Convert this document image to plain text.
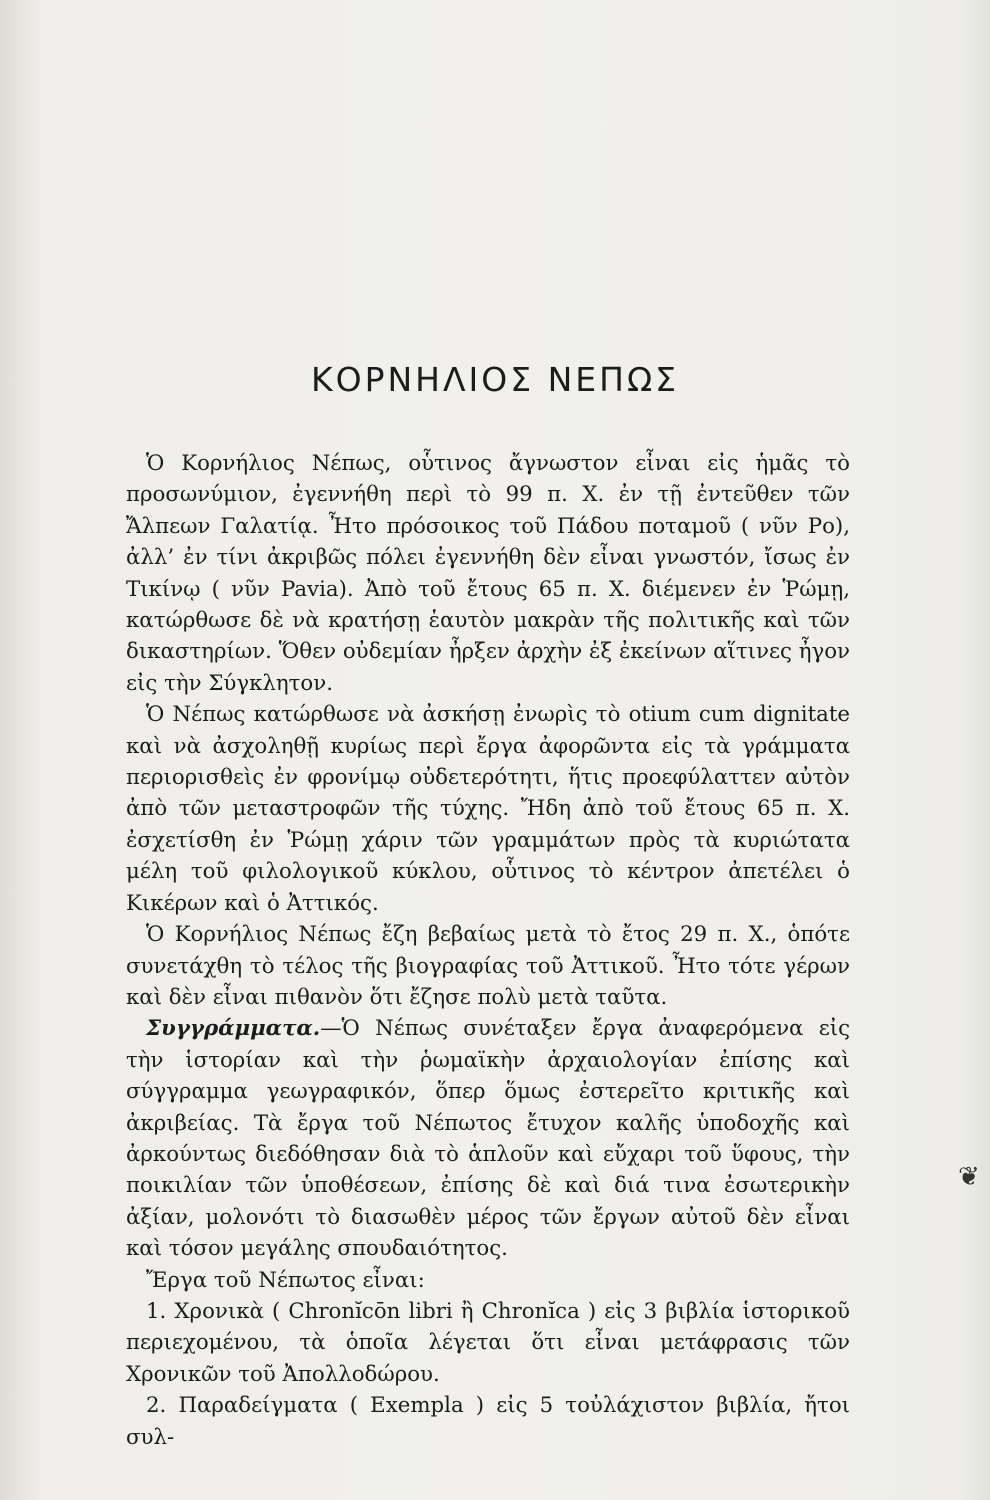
ΚΟΡΝΗΛΙΟΣ ΝΕΠΩΣ

Ὁ Κορνήλιος Νέπως, οὗτινος ἄγνωστον εἶναι εἰς ἡμᾶς τὸ προσωνύμιον, ἐγεννήθη περὶ τὸ 99 π. Χ. ἐν τῇ ἐντεῦθεν τῶν Ἄλπεων Γαλατίᾳ. Ἦτο πρόσοικος τοῦ Πάδου ποταμοῦ ( νῦν Ρο), ἀλλ’ ἐν τίνι ἀκριβῶς πόλει ἐγεννήθη δὲν εἶναι γνωστόν, ἴσως ἐν Τικίνῳ ( νῦν Pavia). Ἀπὸ τοῦ ἔτους 65 π. Χ. διέμενεν ἐν Ῥώμῃ, κατώρθωσε δὲ νὰ κρατήσῃ ἑαυτὸν μακρὰν τῆς πολιτικῆς καὶ τῶν δικαστηρίων. Ὅθεν οὐδεμίαν ἦρξεν ἀρχὴν ἐξ ἐκείνων αἵτινες ἦγον εἰς τὴν Σύγκλητον.

Ὁ Νέπως κατώρθωσε νὰ ἀσκήσῃ ἐνωρὶς τὸ otium cum dignitate καὶ νὰ ἀσχοληθῇ κυρίως περὶ ἔργα ἀφορῶντα εἰς τὰ γράμματα περιορισθεὶς ἐν φρονίμῳ οὐδετερότητι, ἥτις προεφύλαττεν αὐτὸν ἀπὸ τῶν μεταστροφῶν τῆς τύχης. Ἤδη ἀπὸ τοῦ ἔτους 65 π. Χ. ἐσχετίσθη ἐν Ῥώμῃ χάριν τῶν γραμμάτων πρὸς τὰ κυριώτατα μέλη τοῦ φιλολογικοῦ κύκλου, οὗτινος τὸ κέντρον ἀπετέλει ὁ Κικέρων καὶ ὁ Ἀττικός.

Ὁ Κορνήλιος Νέπως ἔζη βεβαίως μετὰ τὸ ἔτος 29 π. Χ., ὁπότε συνετάχθη τὸ τέλος τῆς βιογραφίας τοῦ Ἀττικοῦ. Ἦτο τότε γέρων καὶ δὲν εἶναι πιθανὸν ὅτι ἔζησε πολὺ μετὰ ταῦτα.

Συγγράμματα.—Ὁ Νέπως συνέταξεν ἔργα ἀναφερόμενα εἰς τὴν ἱστορίαν καὶ τὴν ῥωμαϊκὴν ἀρχαιολογίαν ἐπίσης καὶ σύγγραμμα γεωγραφικόν, ὅπερ ὅμως ἐστερεῖτο κριτικῆς καὶ ἀκριβείας. Τὰ ἔργα τοῦ Νέπωτος ἔτυχον καλῆς ὑποδοχῆς καὶ ἀρκούντως διεδόθησαν διὰ τὸ ἁπλοῦν καὶ εὔχαρι τοῦ ὕφους, τὴν ποικιλίαν τῶν ὑποθέσεων, ἐπίσης δὲ καὶ διά τινα ἐσωτερικὴν ἀξίαν, μολονότι τὸ διασωθὲν μέρος τῶν ἔργων αὐτοῦ δὲν εἶναι καὶ τόσον μεγάλης σπουδαιότητος.

Ἔργα τοῦ Νέπωτος εἶναι:

1. Χρονικὰ ( Chronĭcōn libri ἢ Chronĭca ) εἰς 3 βιβλία ἱστορικοῦ περιεχομένου, τὰ ὁποῖα λέγεται ὅτι εἶναι μετάφρασις τῶν Χρονικῶν τοῦ Ἀπολλοδώρου.

2. Παραδείγματα ( Exempla ) εἰς 5 τοὐλάχιστον βιβλία, ἤτοι συλ-

❦
